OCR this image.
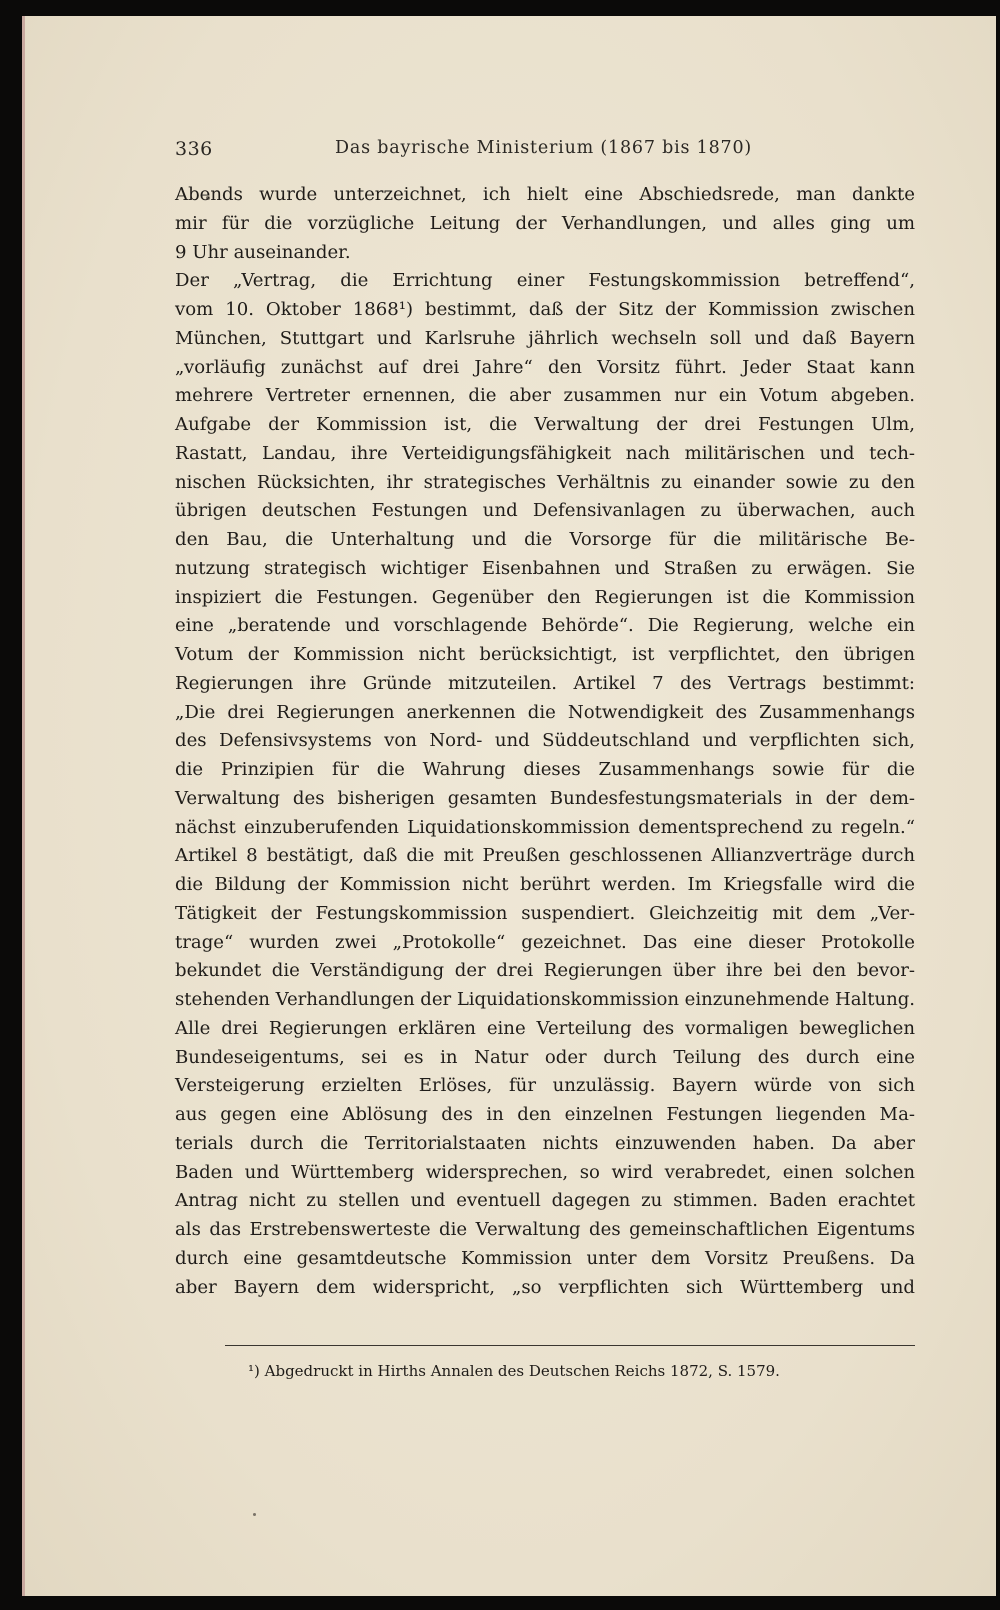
336	Das bayrische Ministerium (1867 bis 1870)
Abends wurde unterzeichnet, ich hielt eine Abschiedsrede, man dankte
mir für die vorzügliche Leitung der Verhandlungen, und alles ging um
9 Uhr auseinander.
Der „Vertrag, die Errichtung einer Festungskommission betreffend“,
vom 10. Oktober 1868¹) bestimmt, daß der Sitz der Kommission zwischen
München, Stuttgart und Karlsruhe jährlich wechseln soll und daß Bayern
„vorläufig zunächst auf drei Jahre“ den Vorsitz führt. Jeder Staat kann
mehrere Vertreter ernennen, die aber zusammen nur ein Votum abgeben.
Aufgabe der Kommission ist, die Verwaltung der drei Festungen Ulm,
Rastatt, Landau, ihre Verteidigungsfähigkeit nach militärischen und tech-
nischen Rücksichten, ihr strategisches Verhältnis zu einander sowie zu den
übrigen deutschen Festungen und Defensivanlagen zu überwachen, auch
den Bau, die Unterhaltung und die Vorsorge für die militärische Be-
nutzung strategisch wichtiger Eisenbahnen und Straßen zu erwägen. Sie
inspiziert die Festungen. Gegenüber den Regierungen ist die Kommission
eine „beratende und vorschlagende Behörde“. Die Regierung, welche ein
Votum der Kommission nicht berücksichtigt, ist verpflichtet, den übrigen
Regierungen ihre Gründe mitzuteilen. Artikel 7 des Vertrags bestimmt:
„Die drei Regierungen anerkennen die Notwendigkeit des Zusammenhangs
des Defensivsystems von Nord- und Süddeutschland und verpflichten sich,
die Prinzipien für die Wahrung dieses Zusammenhangs sowie für die
Verwaltung des bisherigen gesamten Bundesfestungsmaterials in der dem-
nächst einzuberufenden Liquidationskommission dementsprechend zu regeln.“
Artikel 8 bestätigt, daß die mit Preußen geschlossenen Allianzverträge durch
die Bildung der Kommission nicht berührt werden. Im Kriegsfalle wird die
Tätigkeit der Festungskommission suspendiert. Gleichzeitig mit dem „Ver-
trage“ wurden zwei „Protokolle“ gezeichnet. Das eine dieser Protokolle
bekundet die Verständigung der drei Regierungen über ihre bei den bevor-
stehenden Verhandlungen der Liquidationskommission einzunehmende Haltung.
Alle drei Regierungen erklären eine Verteilung des vormaligen beweglichen
Bundeseigentums, sei es in Natur oder durch Teilung des durch eine
Versteigerung erzielten Erlöses, für unzulässig. Bayern würde von sich
aus gegen eine Ablösung des in den einzelnen Festungen liegenden Ma-
terials durch die Territorialstaaten nichts einzuwenden haben. Da aber
Baden und Württemberg widersprechen, so wird verabredet, einen solchen
Antrag nicht zu stellen und eventuell dagegen zu stimmen. Baden erachtet
als das Erstrebenswerteste die Verwaltung des gemeinschaftlichen Eigentums
durch eine gesamtdeutsche Kommission unter dem Vorsitz Preußens. Da
aber Bayern dem widerspricht, „so verpflichten sich Württemberg und
¹) Abgedruckt in Hirths Annalen des Deutschen Reichs 1872, S. 1579.
